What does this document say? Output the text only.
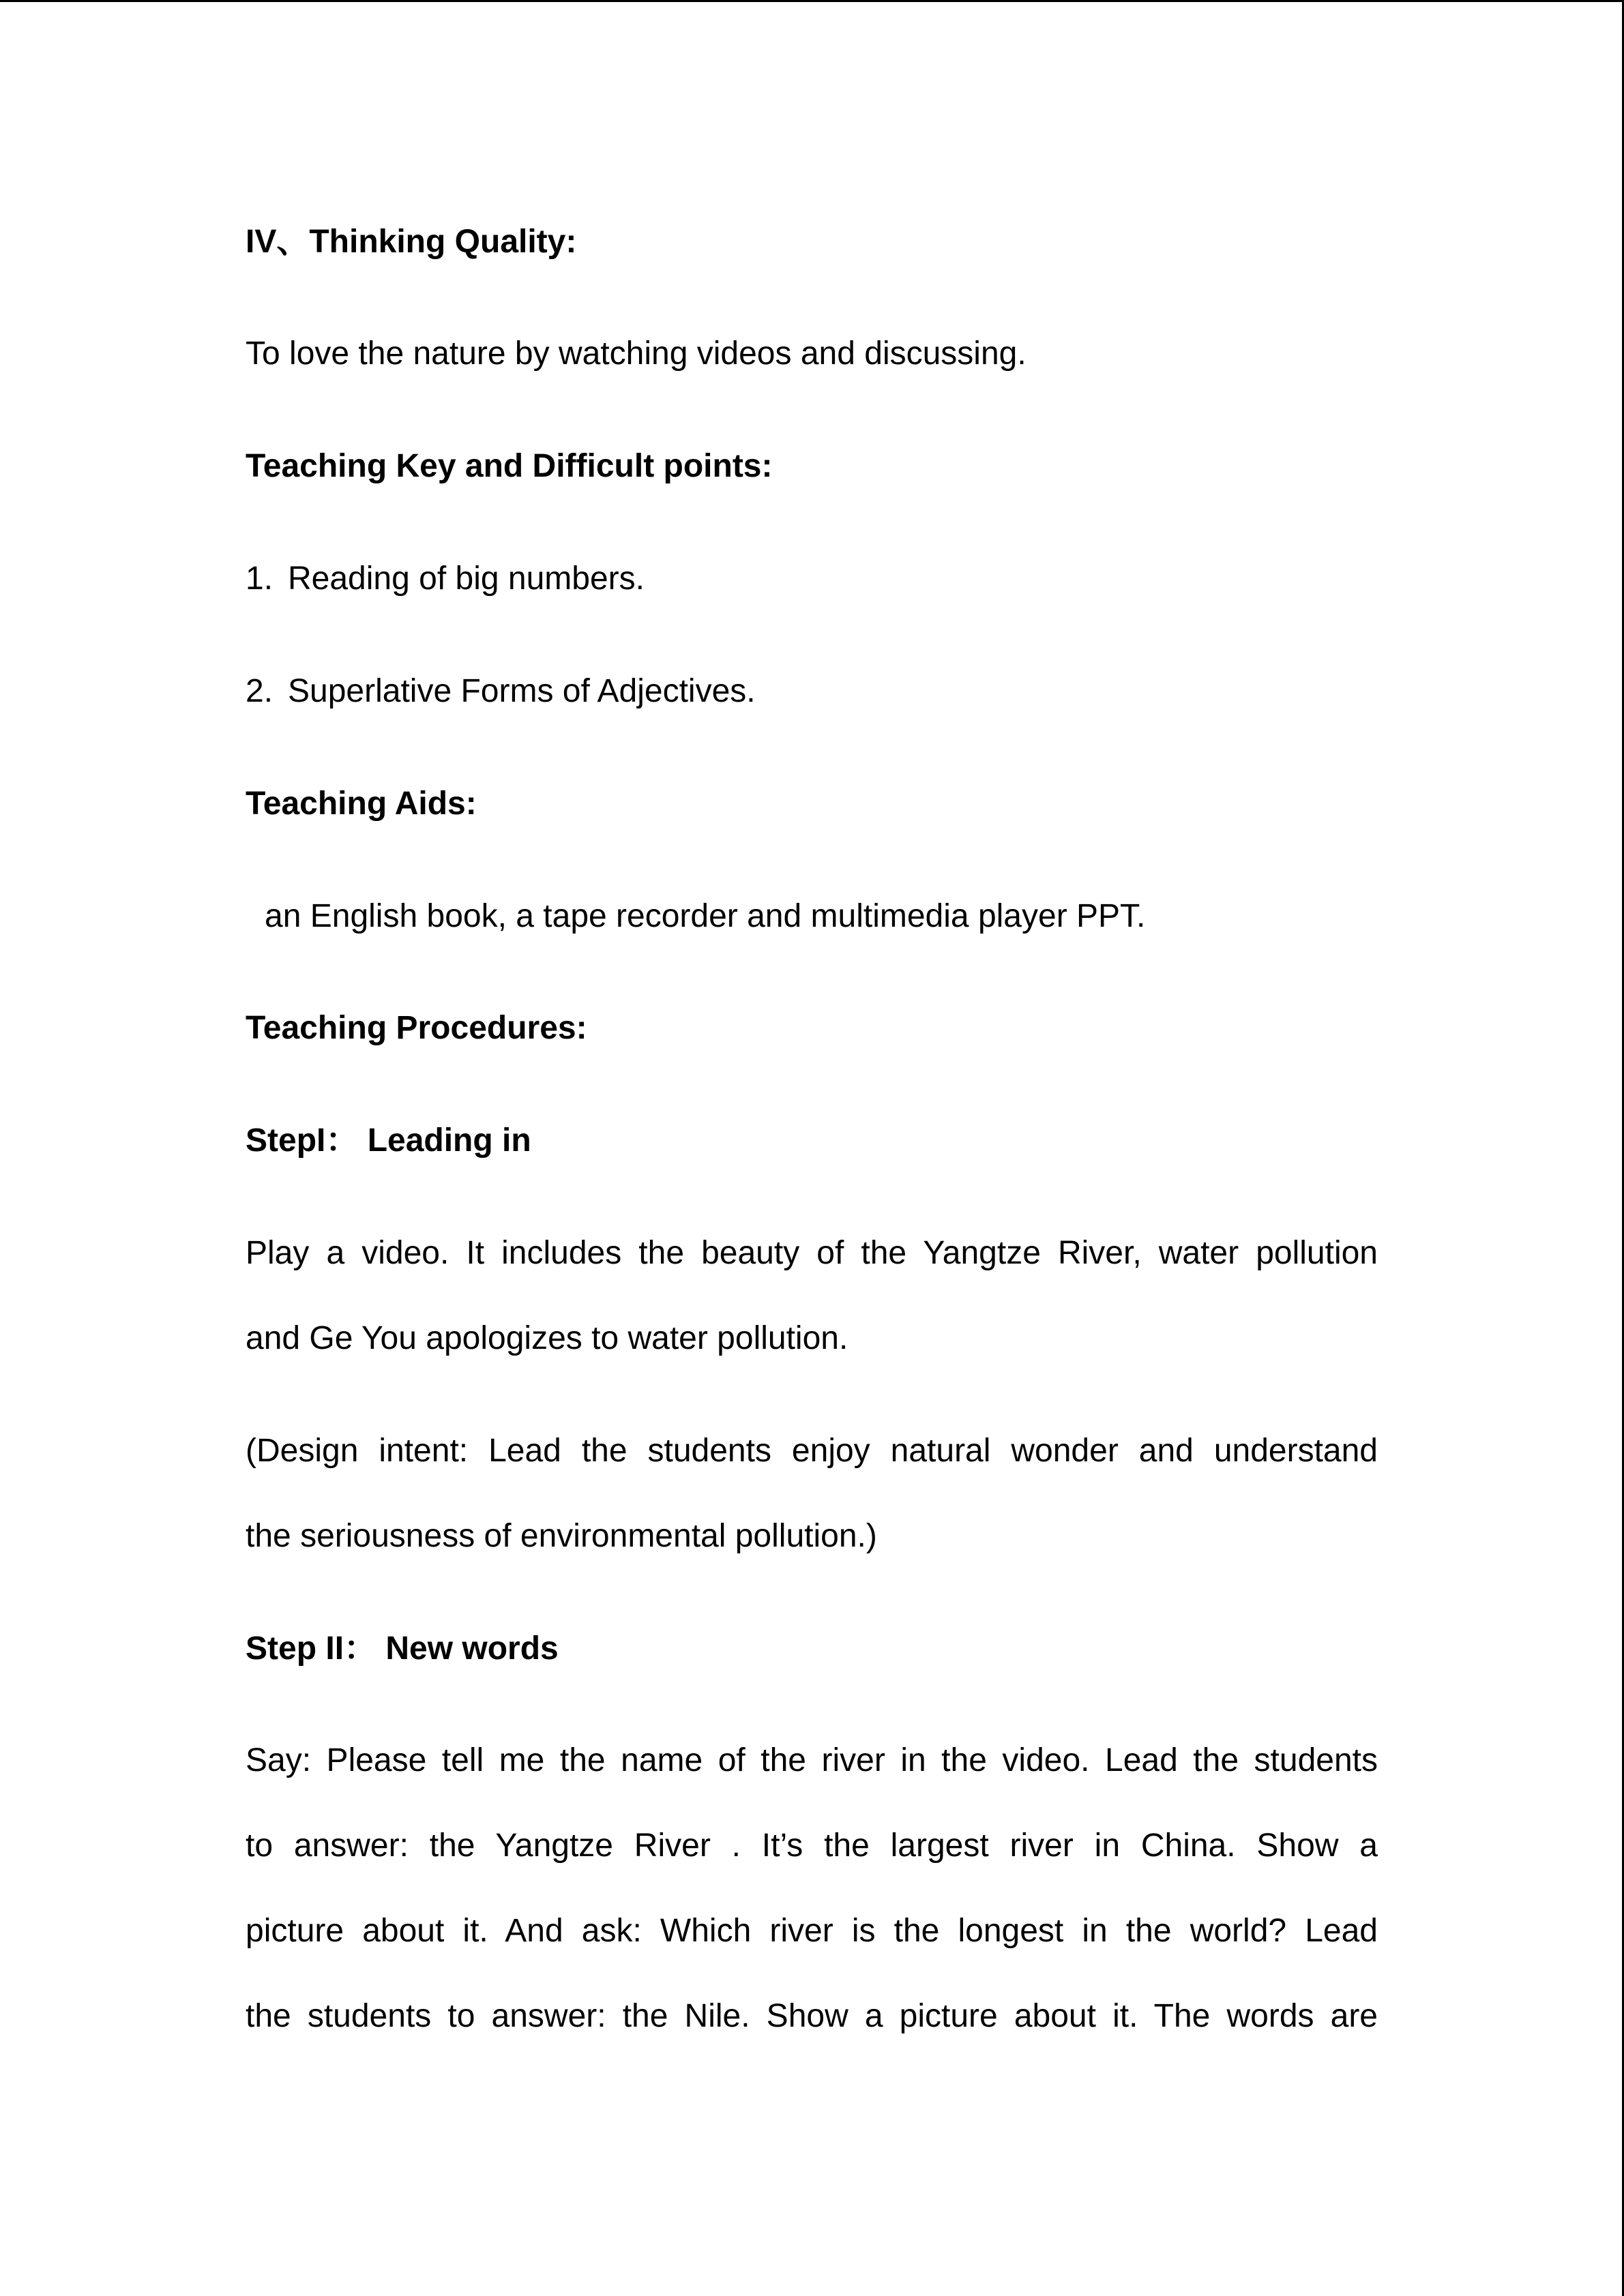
IV、Thinking Quality:
To love the nature by watching videos and discussing.
Teaching Key and Difficult points:
1. Reading of big numbers.
2. Superlative Forms of Adjectives.
Teaching Aids:
an English book, a tape recorder and multimedia player PPT.
Teaching Procedures:
StepI： Leading in
Play a video. It includes the beauty of the Yangtze River, water pollution
and Ge You apologizes to water pollution.
(Design intent: Lead the students enjoy natural wonder and understand
the seriousness of environmental pollution.)
Step II： New words
Say: Please tell me the name of the river in the video. Lead the students
to answer: the Yangtze River . It’s the largest river in China. Show a
picture about it. And ask: Which river is the longest in the world? Lead
the students to answer: the Nile. Show a picture about it. The words are
